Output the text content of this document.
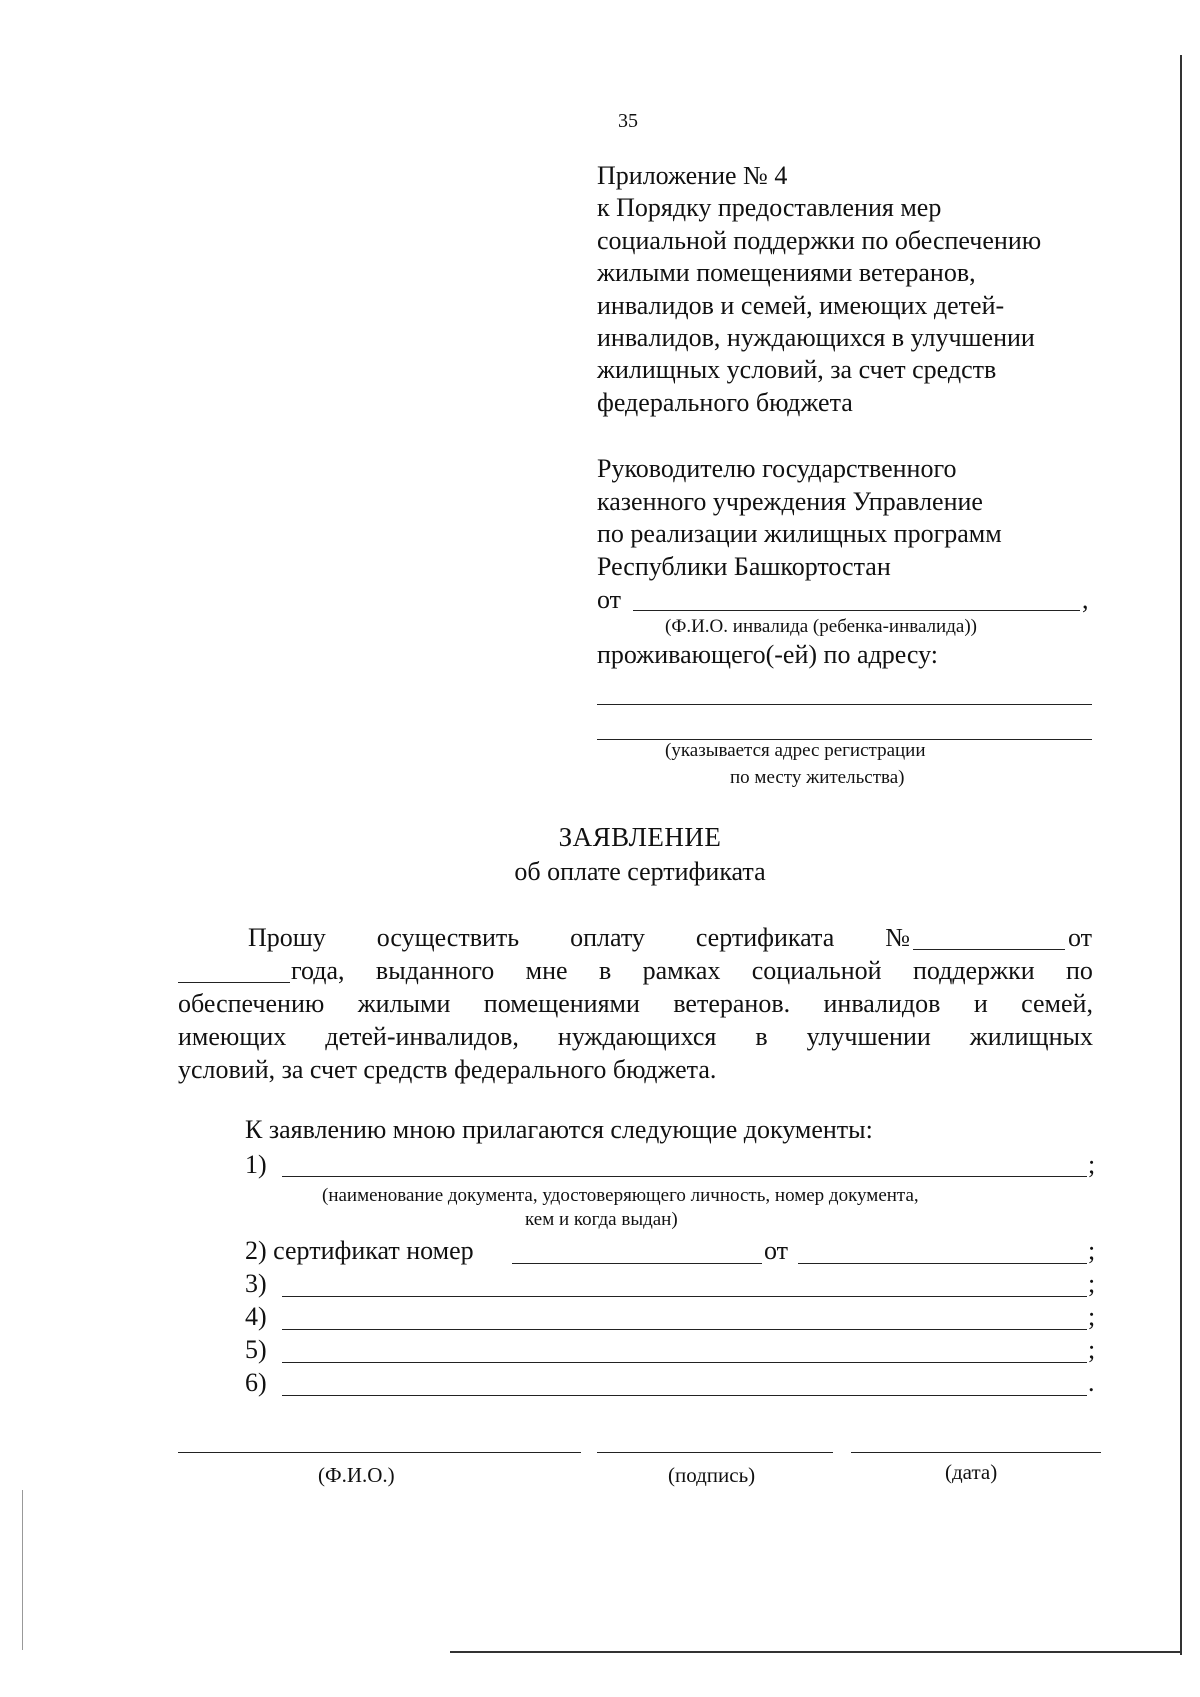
35
Приложение № 4
к Порядку предоставления мер
социальной поддержки по обеспечению
жилыми помещениями ветеранов,
инвалидов и семей, имеющих детей-
инвалидов, нуждающихся в улучшении
жилищных условий, за счет средств
федерального бюджета
Руководителю государственного
казенного учреждения Управление
по реализации жилищных программ
Республики Башкортостан
от	,
(Ф.И.О. инвалида (ребенка-инвалида))
проживающего(-ей) по адресу:
(указывается адрес регистрации
по месту жительства)
ЗАЯВЛЕНИЕ
об оплате сертификата
Прошу осуществить оплату сертификата №	от
года, выданного мне в рамках социальной поддержки по
обеспечению жилыми помещениями ветеранов. инвалидов и семей,
имеющих детей-инвалидов, нуждающихся в улучшении жилищных
условий, за счет средств федерального бюджета.
К заявлению мною прилагаются следующие документы:
1)	;
(наименование документа, удостоверяющего личность, номер документа,
кем и когда выдан)
2) сертификат номер	от	;
3)	;
4)	;
5)	;
6)	.
(Ф.И.О.)	(подпись)	(дата)
